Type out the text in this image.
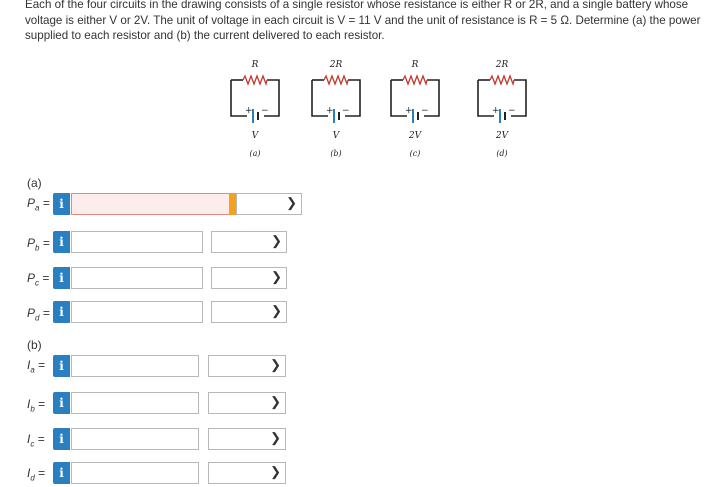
Each of the four circuits in the drawing consists of a single resistor whose resistance is either R or 2R, and a single battery whose
voltage is either V or 2V. The unit of voltage in each circuit is V = 11 V and the unit of resistance is R = 5 Ω. Determine (a) the power
supplied to each resistor and (b) the current delivered to each resistor.
R
+ −
V
(a)
2R
+ −
V
(b)
R
+ −
2V
(c)
2R
+ −
2V
(d)
(a)
$P_a = i$	❯
$P_b = i$	❯
$P_c = i$	❯
$P_d = i$	❯
(b)
$I_a$ =	i	❯
$I_b$ =	i	❯
$I_c$ =	i	❯
$I_d$ =	i	❯
